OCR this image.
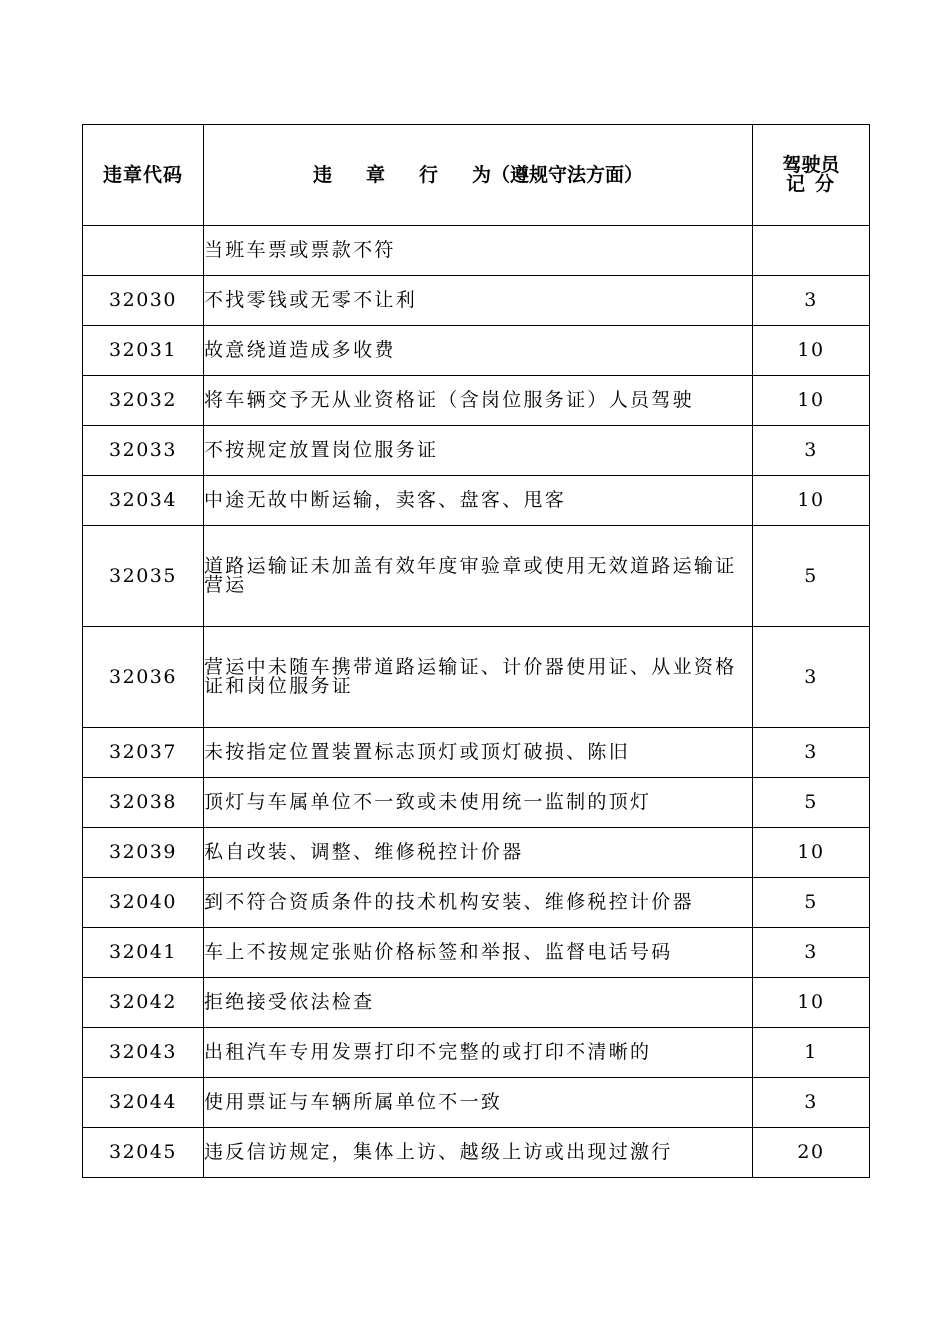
违章代码	违 章 行 为（遵规守法方面）	驾驶员
记分

	当班车票或票款不符	
32030	不找零钱或无零不让利	3
32031	故意绕道造成多收费	10
32032	将车辆交予无从业资格证（含岗位服务证）人员驾驶	10
32033	不按规定放置岗位服务证	3
32034	中途无故中断运输，卖客、盘客、甩客	10
32035	道路运输证未加盖有效年度审验章或使用无效道路运输证营运	5
32036	营运中未随车携带道路运输证、计价器使用证、从业资格证和岗位服务证	3
32037	未按指定位置装置标志顶灯或顶灯破损、陈旧	3
32038	顶灯与车属单位不一致或未使用统一监制的顶灯	5
32039	私自改装、调整、维修税控计价器	10
32040	到不符合资质条件的技术机构安装、维修税控计价器	5
32041	车上不按规定张贴价格标签和举报、监督电话号码	3
32042	拒绝接受依法检查	10
32043	出租汽车专用发票打印不完整的或打印不清晰的	1
32044	使用票证与车辆所属单位不一致	3
32045	违反信访规定，集体上访、越级上访或出现过激行	20
